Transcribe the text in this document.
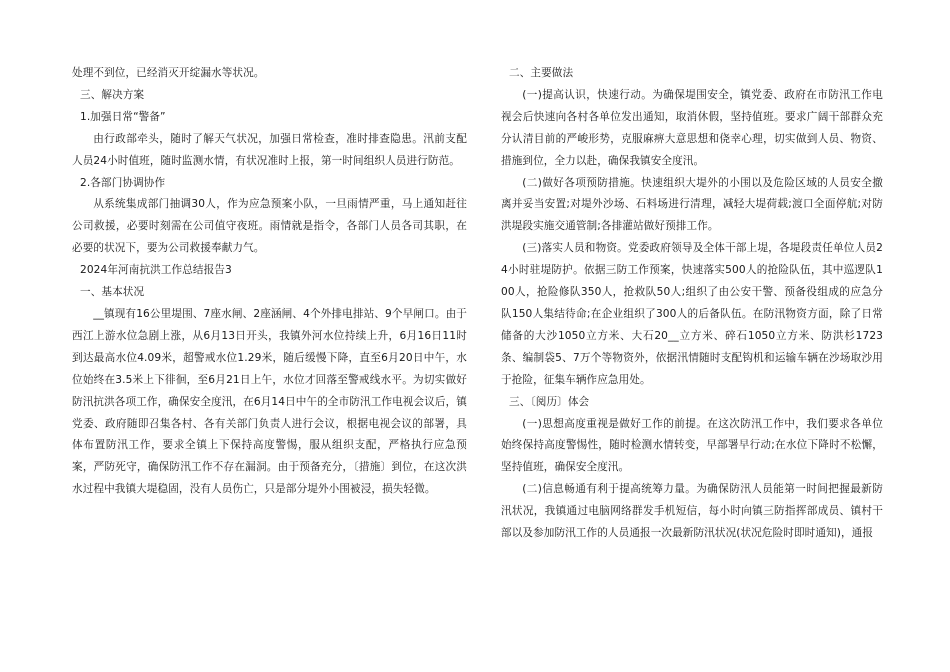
处理不到位，已经消灭开绽漏水等状况。

三、解决方案

1.加强日常“警备”

由行政部牵头，随时了解天气状况，加强日常检查，准时排查隐患。汛前支配人员24小时值班，随时监测水情，有状况准时上报，第一时间组织人员进行防范。

2.各部门协调协作

从系统集成部门抽调30人，作为应急预案小队，一旦雨情严重，马上通知赶往公司救援，必要时刻需在公司值守夜班。雨情就是指令，各部门人员各司其职，在必要的状况下，要为公司救援奉献力气。

2024年河南抗洪工作总结报告3

一、基本状况

__镇现有16公里堤围、7座水闸、2座涵闸、4个外排电排站、9个早闸口。由于西江上游水位急剧上涨，从6月13日开头，我镇外河水位持续上升，6月16日11时到达最高水位4.09米，超警戒水位1.29米，随后缓慢下降，直至6月20日中午，水位始终在3.5米上下徘徊，至6月21日上午，水位才回落至警戒线水平。为切实做好防汛抗洪各项工作，确保安全度汛，在6月14日中午的全市防汛工作电视会议后，镇党委、政府随即召集各村、各有关部门负责人进行会议，根据电视会议的部署，具体布置防汛工作，要求全镇上下保持高度警惕，服从组织支配，严格执行应急预案，严防死守，确保防汛工作不存在漏洞。由于预备充分，〔措施〕到位，在这次洪水过程中我镇大堤稳固，没有人员伤亡，只是部分堤外小围被浸，损失轻微。

二、主要做法

(一)提高认识，快速行动。为确保堤围安全，镇党委、政府在市防汛工作电视会后快速向各村各单位发出通知，取消休假，坚持值班。要求广阔干部群众充分认清目前的严峻形势，克服麻痹大意思想和侥幸心理，切实做到人员、物资、措施到位，全力以赴，确保我镇安全度汛。

(二)做好各项预防措施。快速组织大堤外的小围以及危险区域的人员安全撤离并妥当安置;对堤外沙场、石料场进行清理，减轻大堤荷载;渡口全面停航;对防洪堤段实施交通管制;各排灌站做好预排工作。

(三)落实人员和物资。党委政府领导及全体干部上堤，各堤段责任单位人员24小时驻堤防护。依据三防工作预案，快速落实500人的抢险队伍，其中巡逻队100人，抢险修队350人，抢救队50人;组织了由公安干警、预备役组成的应急分队150人集结待命;在企业组织了300人的后备队伍。在防汛物资方面，除了日常储备的大沙1050立方米、大石20__立方米、碎石1050立方米、防洪杉1723条、编制袋5、7万个等物资外，依据汛情随时支配钩机和运输车辆在沙场取沙用于抢险，征集车辆作应急用处。

三、〔阅历〕体会

(一)思想高度重视是做好工作的前提。在这次防汛工作中，我们要求各单位始终保持高度警惕性，随时检测水情转变，早部署早行动;在水位下降时不松懈，坚持值班，确保安全度汛。

(二)信息畅通有利于提高统筹力量。为确保防汛人员能第一时间把握最新防汛状况，我镇通过电脑网络群发手机短信，每小时向镇三防指挥部成员、镇村干部以及参加防汛工作的人员通报一次最新防汛状况(状况危险时即时通知)，通报
